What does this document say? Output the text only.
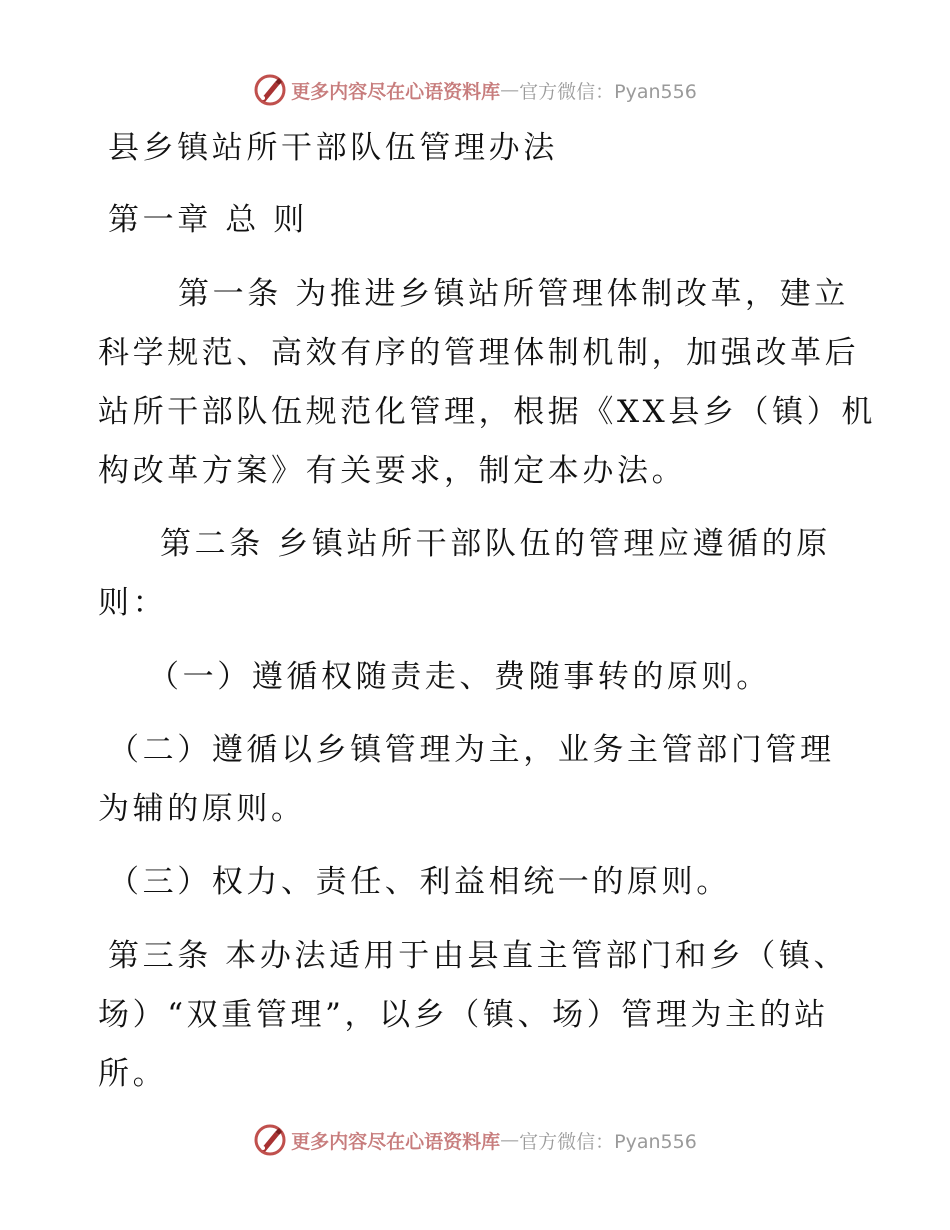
更多内容尽在心语资料库 — 官方微信：Pyan556
县乡镇站所干部队伍管理办法
第一章 总 则
第一条 为推进乡镇站所管理体制改革，建立
科学规范、高效有序的管理体制机制，加强改革后
站所干部队伍规范化管理，根据《XX县乡（镇）机
构改革方案》有关要求，制定本办法。
第二条 乡镇站所干部队伍的管理应遵循的原
则：
（一）遵循权随责走、费随事转的原则。
（二）遵循以乡镇管理为主，业务主管部门管理
为辅的原则。
（三）权力、责任、利益相统一的原则。
第三条 本办法适用于由县直主管部门和乡（镇、
场）“双重管理”，以乡（镇、场）管理为主的站
所。
更多内容尽在心语资料库 — 官方微信：Pyan556
